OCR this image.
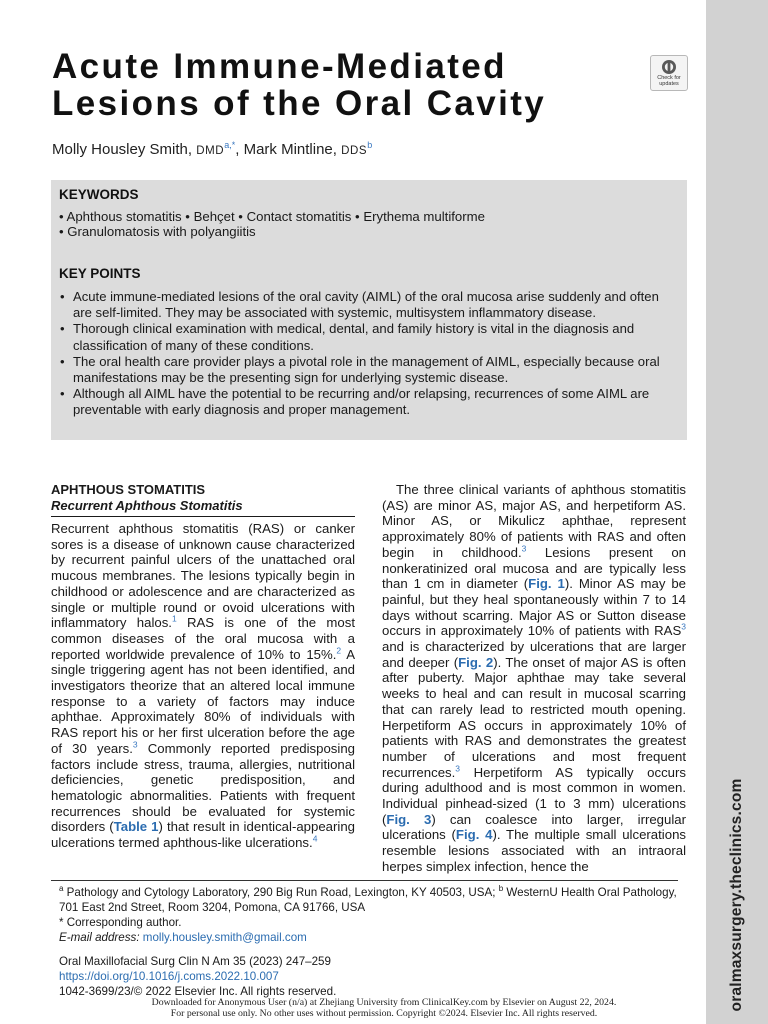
oralmaxsurgery.theclinics.com
Acute Immune-Mediated
Lesions of the Oral Cavity
Check for
updates
Molly Housley Smith, $DMD^{a,*}$, Mark Mintline, DDS$^b$
KEYWORDS
• Aphthous stomatitis • Behçet • Contact stomatitis • Erythema multiforme
• Granulomatosis with polyangiitis
KEY POINTS
• Acute immune-mediated lesions of the oral cavity (AIML) of the oral mucosa arise suddenly and often are self-limited. They may be associated with systemic, multisystem inflammatory disease.
• Thorough clinical examination with medical, dental, and family history is vital in the diagnosis and classification of many of these conditions.
• The oral health care provider plays a pivotal role in the management of AIML, especially because oral manifestations may be the presenting sign for underlying systemic disease.
• Although all AIML have the potential to be recurring and/or relapsing, recurrences of some AIML are preventable with early diagnosis and proper management.
APHTHOUS STOMATITIS
Recurrent Aphthous Stomatitis

Recurrent aphthous stomatitis (RAS) or canker sores is a disease of unknown cause characterized by recurrent painful ulcers of the unattached oral mucous membranes. The lesions typically begin in childhood or adolescence and are characterized as single or multiple round or ovoid ulcerations with inflammatory halos.$^1$ RAS is one of the most common diseases of the oral mucosa with a reported worldwide prevalence of 10% to 15%.$^2$ A single triggering agent has not been identified, and investigators theorize that an altered local immune response to a variety of factors may induce aphthae. Approximately 80% of individuals with RAS report his or her first ulceration before the age of 30 years.$^3$ Commonly reported predisposing factors include stress, trauma, allergies, nutritional deficiencies, genetic predisposition, and hematologic abnormalities. Patients with frequent recurrences should be evaluated for systemic disorders (Table 1) that result in identical-appearing ulcerations termed aphthous-like ulcerations.$^4$

The three clinical variants of aphthous stomatitis (AS) are minor AS, major AS, and herpetiform AS. Minor AS, or Mikulicz aphthae, represent approximately 80% of patients with RAS and often begin in childhood.$^3$ Lesions present on nonkeratinized oral mucosa and are typically less than 1 cm in diameter (Fig. 1). Minor AS may be painful, but they heal spontaneously within 7 to 14 days without scarring. Major AS or Sutton disease occurs in approximately 10% of patients with RAS$^3$ and is characterized by ulcerations that are larger and deeper (Fig. 2). The onset of major AS is often after puberty. Major aphthae may take several weeks to heal and can result in mucosal scarring that can rarely lead to restricted mouth opening. Herpetiform AS occurs in approximately 10% of patients with RAS and demonstrates the greatest number of ulcerations and most frequent recurrences.$^3$ Herpetiform AS typically occurs during adulthood and is most common in women. Individual pinhead-sized (1 to 3 mm) ulcerations (Fig. 3) can coalesce into larger, irregular ulcerations (Fig. 4). The multiple small ulcerations resemble lesions associated with an intraoral herpes simplex infection, hence the

$^a$ Pathology and Cytology Laboratory, 290 Big Run Road, Lexington, KY 40503, USA; $^b$ WesternU Health Oral Pathology, 701 East 2nd Street, Room 3204, Pomona, CA 91766, USA

* Corresponding author.

E-mail address: molly.housley.smith@gmail.com

Oral Maxillofacial Surg Clin N Am 35 (2023) 247–259

https://doi.org/10.1016/j.coms.2022.10.007

1042-3699/23/© 2022 Elsevier Inc. All rights reserved.

Downloaded for Anonymous User (n/a) at Zhejiang University from ClinicalKey.com by Elsevier on August 22, 2024.
For personal use only. No other uses without permission. Copyright ©2024. Elsevier Inc. All rights reserved.
